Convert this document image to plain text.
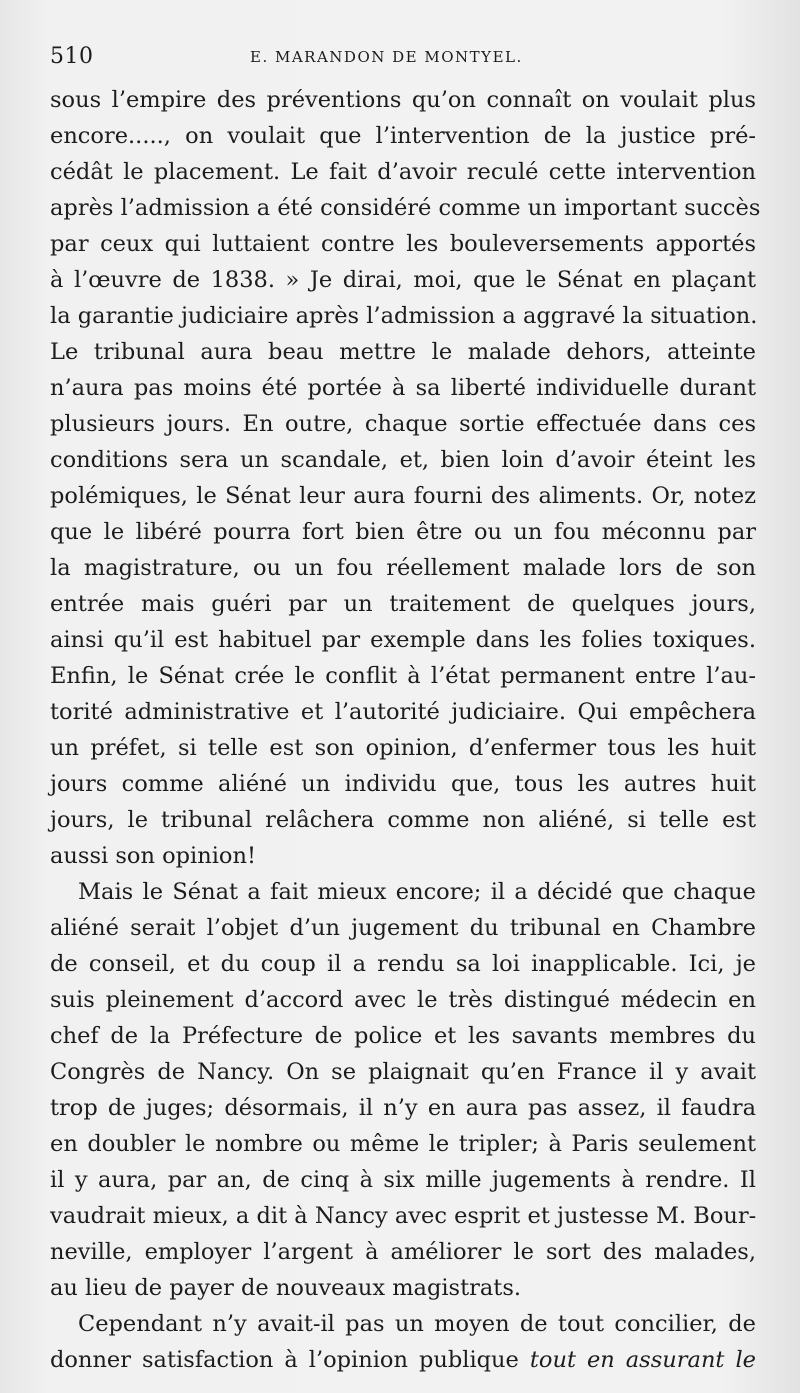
510	E. MARANDON DE MONTYEL.
sous l’empire des préventions qu’on connaît on voulait plus
encore....., on voulait que l’intervention de la justice pré-
cédât le placement. Le fait d’avoir reculé cette intervention
après l’admission a été considéré comme un important succès
par ceux qui luttaient contre les bouleversements apportés
à l’œuvre de 1838. » Je dirai, moi, que le Sénat en plaçant
la garantie judiciaire après l’admission a aggravé la situation.
Le tribunal aura beau mettre le malade dehors, atteinte
n’aura pas moins été portée à sa liberté individuelle durant
plusieurs jours. En outre, chaque sortie effectuée dans ces
conditions sera un scandale, et, bien loin d’avoir éteint les
polémiques, le Sénat leur aura fourni des aliments. Or, notez
que le libéré pourra fort bien être ou un fou méconnu par
la magistrature, ou un fou réellement malade lors de son
entrée mais guéri par un traitement de quelques jours,
ainsi qu’il est habituel par exemple dans les folies toxiques.
Enfin, le Sénat crée le conflit à l’état permanent entre l’au-
torité administrative et l’autorité judiciaire. Qui empêchera
un préfet, si telle est son opinion, d’enfermer tous les huit
jours comme aliéné un individu que, tous les autres huit
jours, le tribunal relâchera comme non aliéné, si telle est
aussi son opinion!
Mais le Sénat a fait mieux encore; il a décidé que chaque
aliéné serait l’objet d’un jugement du tribunal en Chambre
de conseil, et du coup il a rendu sa loi inapplicable. Ici, je
suis pleinement d’accord avec le très distingué médecin en
chef de la Préfecture de police et les savants membres du
Congrès de Nancy. On se plaignait qu’en France il y avait
trop de juges; désormais, il n’y en aura pas assez, il faudra
en doubler le nombre ou même le tripler; à Paris seulement
il y aura, par an, de cinq à six mille jugements à rendre. Il
vaudrait mieux, a dit à Nancy avec esprit et justesse M. Bour-
neville, employer l’argent à améliorer le sort des malades,
au lieu de payer de nouveaux magistrats.
Cependant n’y avait-il pas un moyen de tout concilier, de
donner satisfaction à l’opinion publique tout en assurant le
